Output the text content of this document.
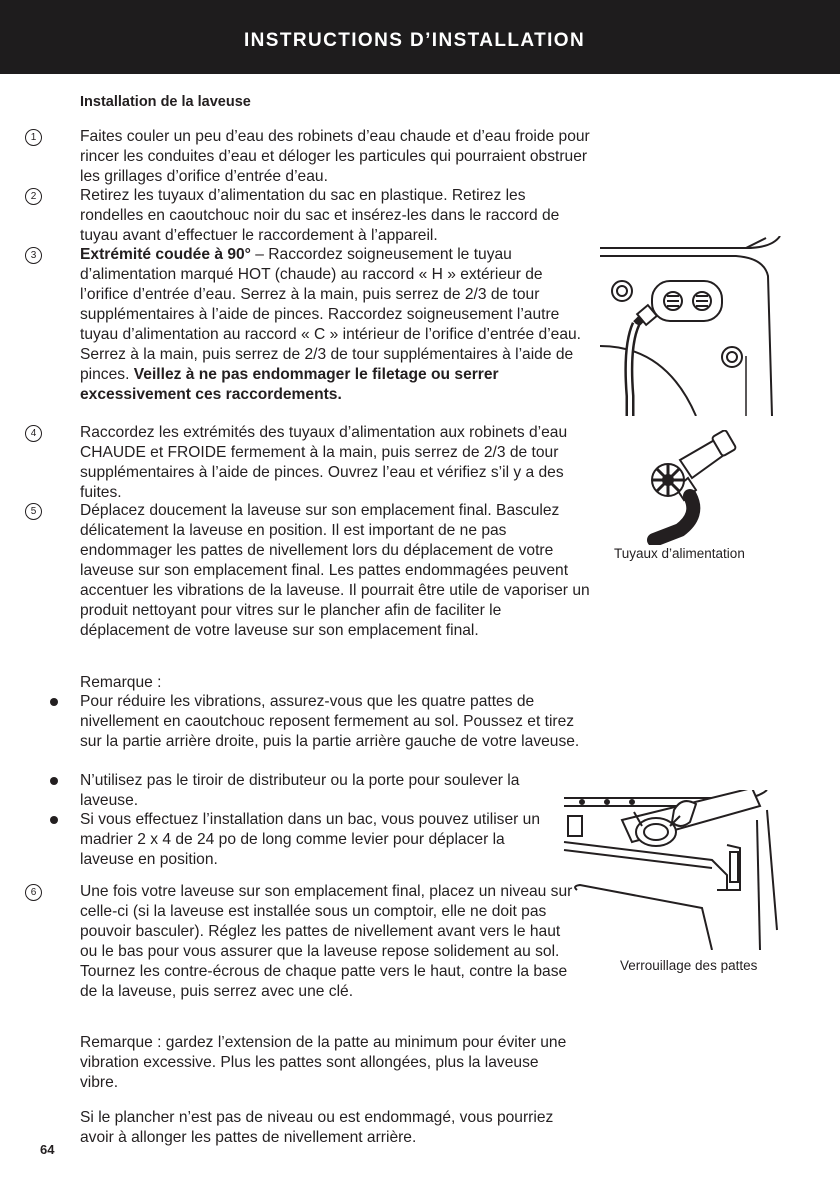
INSTRUCTIONS D’INSTALLATION
Installation de la laveuse
1	Faites couler un peu d’eau des robinets d’eau chaude et d’eau froide pour rincer les conduites d’eau et déloger les particules qui pourraient obstruer les grillages d’orifice d’entrée d’eau.

2	Retirez les tuyaux d’alimentation du sac en plastique. Retirez les rondelles en caoutchouc noir du sac et insérez-les dans le raccord de tuyau avant d’effectuer le raccordement à l’appareil.

3	Extrémité coudée à 90° – Raccordez soigneusement le tuyau d’alimentation marqué HOT (chaude) au raccord « H » extérieur de l’orifice d’entrée d’eau. Serrez à la main, puis serrez de 2/3 de tour supplémentaires à l’aide de pinces. Raccordez soigneusement l’autre tuyau d’alimentation au raccord « C » intérieur de l’orifice d’entrée d’eau. Serrez à la main, puis serrez de 2/3 de tour supplémentaires à l’aide de pinces. Veillez à ne pas endommager le filetage ou serrer excessivement ces raccordements.

4	Raccordez les extrémités des tuyaux d’alimentation aux robinets d’eau CHAUDE et FROIDE fermement à la main, puis serrez de 2/3 de tour supplémentaires à l’aide de pinces. Ouvrez l’eau et vérifiez s’il y a des fuites.

5	Déplacez doucement la laveuse sur son emplacement final. Basculez délicatement la laveuse en position. Il est important de ne pas endommager les pattes de nivellement lors du déplacement de votre laveuse sur son emplacement final. Les pattes endommagées peuvent accentuer les vibrations de la laveuse. Il pourrait être utile de vaporiser un produit nettoyant pour vitres sur le plancher afin de faciliter le déplacement de votre laveuse sur son emplacement final.

Remarque :
Pour réduire les vibrations, assurez-vous que les quatre pattes de nivellement en caoutchouc reposent fermement au sol. Poussez et tirez sur la partie arrière droite, puis la partie arrière gauche de votre laveuse.
N’utilisez pas le tiroir de distributeur ou la porte pour soulever la laveuse.
Si vous effectuez l’installation dans un bac, vous pouvez utiliser un madrier 2 x 4 de 24 po de long comme levier pour déplacer la laveuse en position.
6	Une fois votre laveuse sur son emplacement final, placez un niveau sur celle-ci (si la laveuse est installée sous un comptoir, elle ne doit pas pouvoir basculer). Réglez les pattes de nivellement avant vers le haut ou le bas pour vous assurer que la laveuse repose solidement au sol. Tournez les contre-écrous de chaque patte vers le haut, contre la base de la laveuse, puis serrez avec une clé.

Remarque : gardez l’extension de la patte au minimum pour éviter une vibration excessive. Plus les pattes sont allongées, plus la laveuse vibre.
Si le plancher n’est pas de niveau ou est endommagé, vous pourriez avoir à allonger les pattes de nivellement arrière.
64
Tuyaux d’alimentation
Verrouillage des pattes
